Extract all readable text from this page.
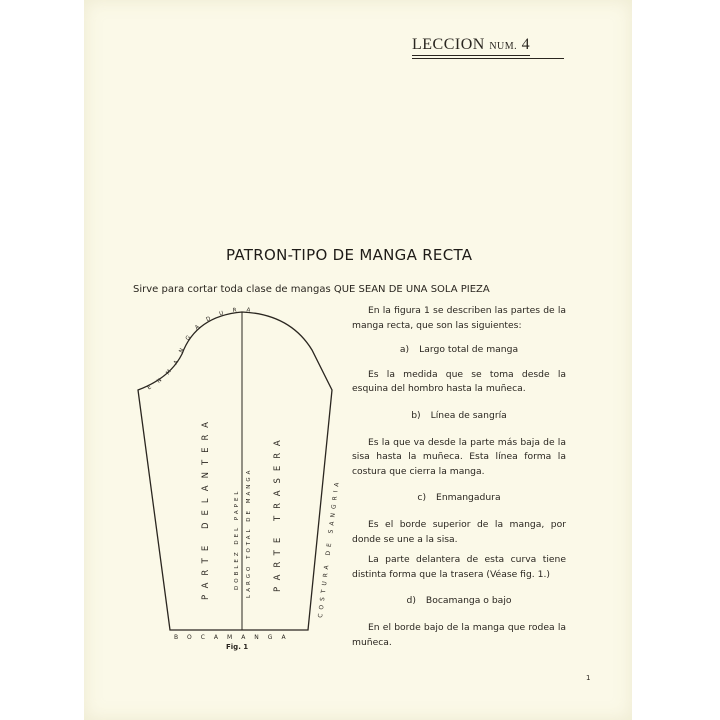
LECCION NUM. 4
PATRON-TIPO DE MANGA RECTA
Sirve para cortar toda clase de mangas QUE SEAN DE UNA SOLA PIEZA
PARTE DELANTERA	DOBLEZ DEL PAPEL LARGO TOTAL DE MANGA PARTE TRASERA	COSTURA DE SANGRIA
ENMANGADURA
BOCAMANGA
Fig. 1

En la figura 1 se describen las partes de la manga recta, que son las siguientes:

a) Largo total de manga

Es la medida que se toma desde la esquina del hombro hasta la muñeca.

b) Línea de sangría

Es la que va desde la parte más baja de la sisa hasta la muñeca. Esta línea forma la costura que cierra la manga.

c) Enmangadura

Es el borde superior de la manga, por donde se une a la sisa.

La parte delantera de esta curva tiene distinta forma que la trasera (Véase fig. 1.)

d) Bocamanga o bajo

En el borde bajo de la manga que rodea la muñeca.

1
